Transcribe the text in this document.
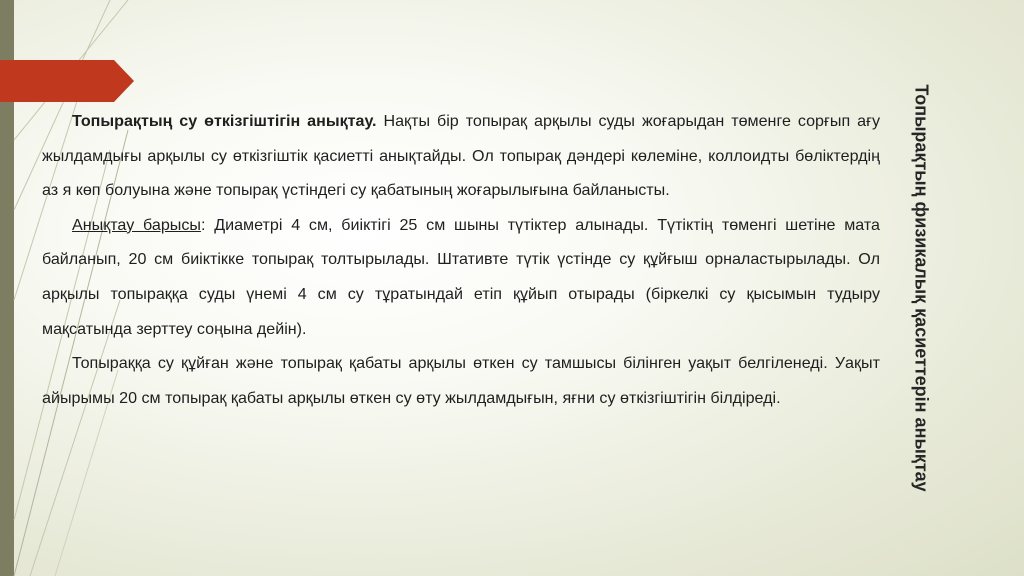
Топырақтың су өткізгіштігін анықтау. Нақты бір топырақ арқылы суды жоғарыдан төменге сорғып ағу жылдамдығы арқылы су өткізгіштік қасиетті анықтайды. Ол топырақ дәндері көлеміне, коллоидты бөліктердің аз я көп болуына және топырақ үстіндегі су қабатының жоғарылығына байланысты.

Анықтау барысы: Диаметрі 4 см, биіктігі 25 см шыны түтіктер алынады. Түтіктің төменгі шетіне мата байланып, 20 см биіктікке топырақ толтырылады. Штативте түтік үстінде су құйғыш орналастырылады. Ол арқылы топыраққа суды үнемі 4 см су тұратындай етіп құйып отырады (біркелкі су қысымын тудыру мақсатында зерттеу соңына дейін).

Топыраққа су құйған және топырақ қабаты арқылы өткен су тамшысы білінген уақыт белгіленеді. Уақыт айырымы 20 см топырақ қабаты арқылы өткен су өту жылдамдығын, яғни су өткізгіштігін білдіреді.	Топырақтың физикалық қасиеттерін анықтау
